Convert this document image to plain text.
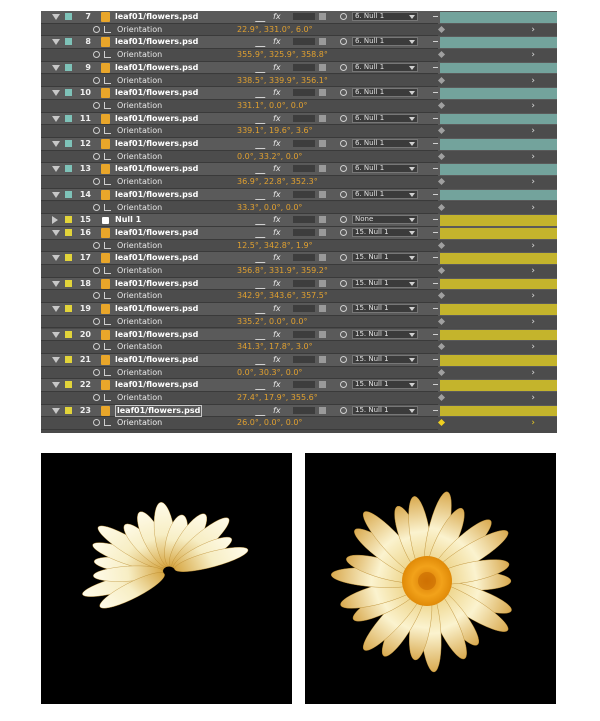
7	leaf01/flowers.psd	fx	6. Null 1
Orientation	22.9°, 331.0°, 6.0°	›
8	leaf01/flowers.psd	fx	6. Null 1
Orientation	355.9°, 325.9°, 358.8°	›
9	leaf01/flowers.psd	fx	6. Null 1
Orientation	338.5°, 339.9°, 356.1°	›
10	leaf01/flowers.psd	fx	6. Null 1
Orientation	331.1°, 0.0°, 0.0°	›
11	leaf01/flowers.psd	fx	6. Null 1
Orientation	339.1°, 19.6°, 3.6°	›
12	leaf01/flowers.psd	fx	6. Null 1
Orientation	0.0°, 33.2°, 0.0°	›
13	leaf01/flowers.psd	fx	6. Null 1
Orientation	36.9°, 22.8°, 352.3°	›
14	leaf01/flowers.psd	fx	6. Null 1
Orientation	33.3°, 0.0°, 0.0°	›
15	Null 1	fx	None
16	leaf01/flowers.psd	fx	15. Null 1
Orientation	12.5°, 342.8°, 1.9°	›
17	leaf01/flowers.psd	fx	15. Null 1
Orientation	356.8°, 331.9°, 359.2°	›
18	leaf01/flowers.psd	fx	15. Null 1
Orientation	342.9°, 343.6°, 357.5°	›
19	leaf01/flowers.psd	fx	15. Null 1
Orientation	335.2°, 0.0°, 0.0°	›
20	leaf01/flowers.psd	fx	15. Null 1
Orientation	341.3°, 17.8°, 3.0°	›
21	leaf01/flowers.psd	fx	15. Null 1
Orientation	0.0°, 30.3°, 0.0°	›
22	leaf01/flowers.psd	fx	15. Null 1
Orientation	27.4°, 17.9°, 355.6°	›
23	leaf01/flowers.psd	fx	15. Null 1
Orientation	26.0°, 0.0°, 0.0°	›
